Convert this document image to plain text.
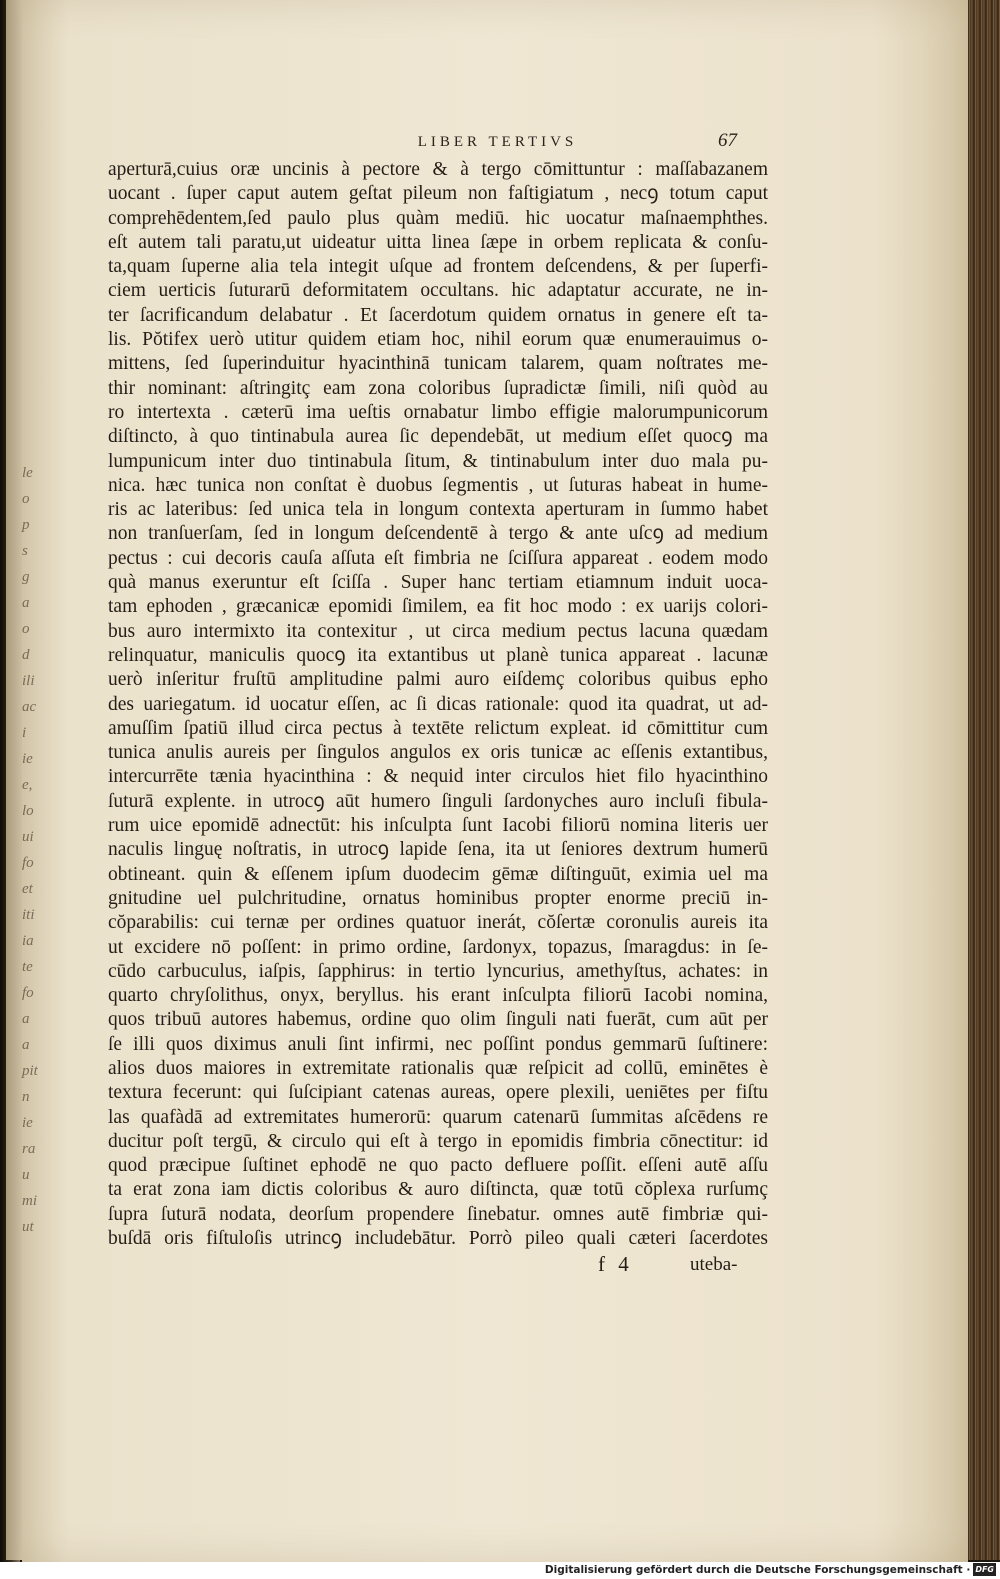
le
o
p
s
g
a
o
d
ili
ac
i
ie
e,
lo
ui
fo
et
iti
ia
te
fo
a
a
pit
n
ie
ra
u
mi
ut
LIBER TERTIVS	67
aperturā,cuius oræ uncinis à pectore & à tergo cōmittuntur : maſſabazanem
uocant . ſuper caput autem geſtat pileum non faſtigiatum , necꝯ totum caput
comprehēdentem,ſed paulo plus quàm mediū. hic uocatur maſnaemphthes.
eſt autem tali paratu,ut uideatur uitta linea ſæpe in orbem replicata & conſu-
ta,quam ſuperne alia tela integit uſque ad frontem deſcendens, & per ſuperfi-
ciem uerticis ſuturarū deformitatem occultans. hic adaptatur accurate, ne in-
ter ſacrificandum delabatur . Et ſacerdotum quidem ornatus in genere eſt ta-
lis. Pŏtifex uerò utitur quidem etiam hoc, nihil eorum quæ enumerauimus o-
mittens, ſed ſuperinduitur hyacinthinā tunicam talarem, quam noſtrates me-
thir nominant: aſtringitç eam zona coloribus ſupradictæ ſimili, niſi quòd au
ro intertexta . cæterū ima ueſtis ornabatur limbo effigie malorumpunicorum
diſtincto, à quo tintinabula aurea ſic dependebāt, ut medium eſſet quocꝯ ma
lumpunicum inter duo tintinabula ſitum, & tintinabulum inter duo mala pu-
nica. hæc tunica non conſtat è duobus ſegmentis , ut ſuturas habeat in hume-
ris ac lateribus: ſed unica tela in longum contexta aperturam in ſummo habet
non tranſuerſam, ſed in longum deſcendentē à tergo & ante uſcꝯ ad medium
pectus : cui decoris cauſa aſſuta eſt fimbria ne ſciſſura appareat . eodem modo
quà manus exeruntur eſt ſciſſa . Super hanc tertiam etiamnum induit uoca-
tam ephoden , græcanicæ epomidi ſimilem, ea fit hoc modo : ex uarijs colori-
bus auro intermixto ita contexitur , ut circa medium pectus lacuna quædam
relinquatur, maniculis quocꝯ ita extantibus ut planè tunica appareat . lacunæ
uerò inſeritur fruſtū amplitudine palmi auro eiſdemç coloribus quibus epho
des uariegatum. id uocatur eſſen, ac ſi dicas rationale: quod ita quadrat, ut ad-
amuſſim ſpatiū illud circa pectus à textēte relictum expleat. id cōmittitur cum
tunica anulis aureis per ſingulos angulos ex oris tunicæ ac eſſenis extantibus,
intercurrēte tænia hyacinthina : & nequid inter circulos hiet filo hyacinthino
ſuturā explente. in utrocꝯ aūt humero ſinguli ſardonyches auro incluſi fibula-
rum uice epomidē adnectūt: his inſculpta ſunt Iacobi filiorū nomina literis uer
naculis linguę noſtratis, in utrocꝯ lapide ſena, ita ut ſeniores dextrum humerū
obtineant. quin & eſſenem ipſum duodecim gēmæ diſtinguūt, eximia uel ma
gnitudine uel pulchritudine, ornatus hominibus propter enorme preciū in-
cŏparabilis: cui ternæ per ordines quatuor inerát, cŏſertæ coronulis aureis ita
ut excidere nō poſſent: in primo ordine, ſardonyx, topazus, ſmaragdus: in ſe-
cūdo carbuculus, iaſpis, ſapphirus: in tertio lyncurius, amethyſtus, achates: in
quarto chryſolithus, onyx, beryllus. his erant inſculpta filiorū Iacobi nomina,
quos tribuū autores habemus, ordine quo olim ſinguli nati fuerāt, cum aūt per
ſe illi quos diximus anuli ſint infirmi, nec poſſint pondus gemmarū ſuſtinere:
alios duos maiores in extremitate rationalis quæ reſpicit ad collū, eminētes è
textura fecerunt: qui ſuſcipiant catenas aureas, opere plexili, ueniētes per fiſtu
las quafàdā ad extremitates humerorū: quarum catenarū ſummitas aſcēdens re
ducitur poſt tergū, & circulo qui eſt à tergo in epomidis fimbria cōnectitur: id
quod præcipue ſuſtinet ephodē ne quo pacto defluere poſſit. eſſeni autē aſſu
ta erat zona iam dictis coloribus & auro diſtincta, quæ totū cŏplexa rurſumç
ſupra ſuturā nodata, deorſum propendere ſinebatur. omnes autē fimbriæ qui-
buſdā oris fiſtuloſis utrincꝯ includebātur. Porrò pileo quali cæteri ſacerdotes
f 4	uteba-
Digitalisierung gefördert durch die Deutsche Forschungsgemeinschaft · DFG
